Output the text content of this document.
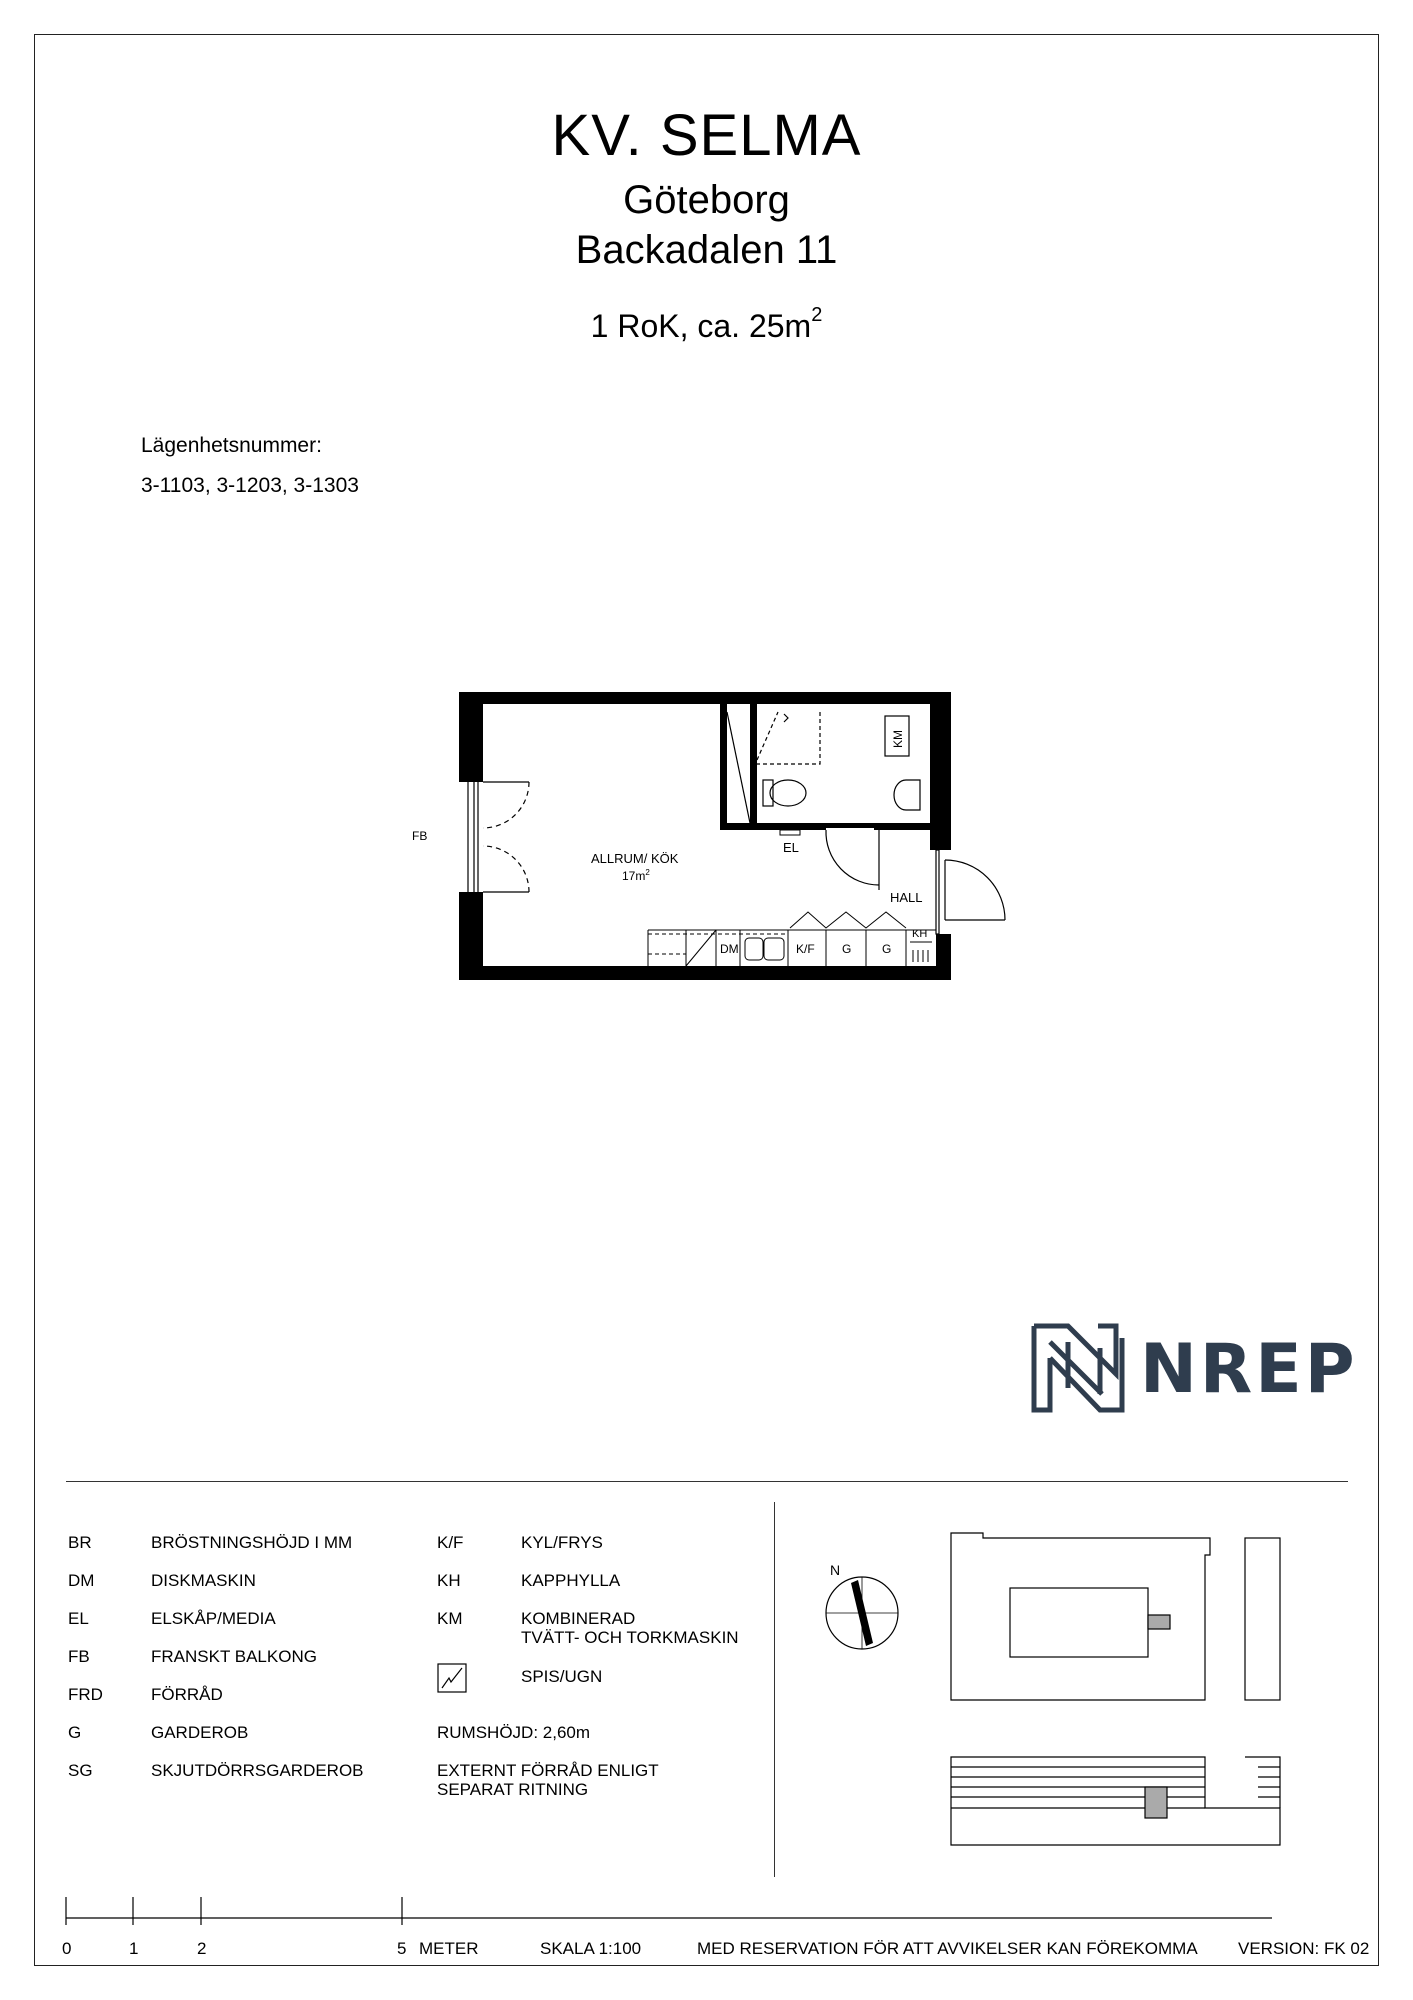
KV. SELMA
Göteborg
Backadalen 11
1 RoK, ca. $25m^2$
Lägenhetsnummer:
3-1103, 3-1203, 3-1303
FB
KM
EL
HALL
ALLRUM/ KÖK
$17m^2$
DM	K/F G	G
KH
NREP
BR	BRÖSTNINGSHÖJD I MM
DM	DISKMASKIN
EL	ELSKÅP/MEDIA
FB	FRANSKT BALKONG
FRD	FÖRRÅD
G	GARDEROB
SG	SKJUTDÖRRSGARDEROB
K/F	KYL/FRYS
KH	KAPPHYLLA
KM	KOMBINERAD
TVÄTT- OCH TORKMASKIN
SPIS/UGN
RUMSHÖJD: 2,60m
EXTERNT FÖRRÅD ENLIGT
SEPARAT RITNING
N
0	1	2	5 METER	SKALA 1:100	MED RESERVATION FÖR ATT AVVIKELSER KAN FÖREKOMMA VERSION: FK 02
